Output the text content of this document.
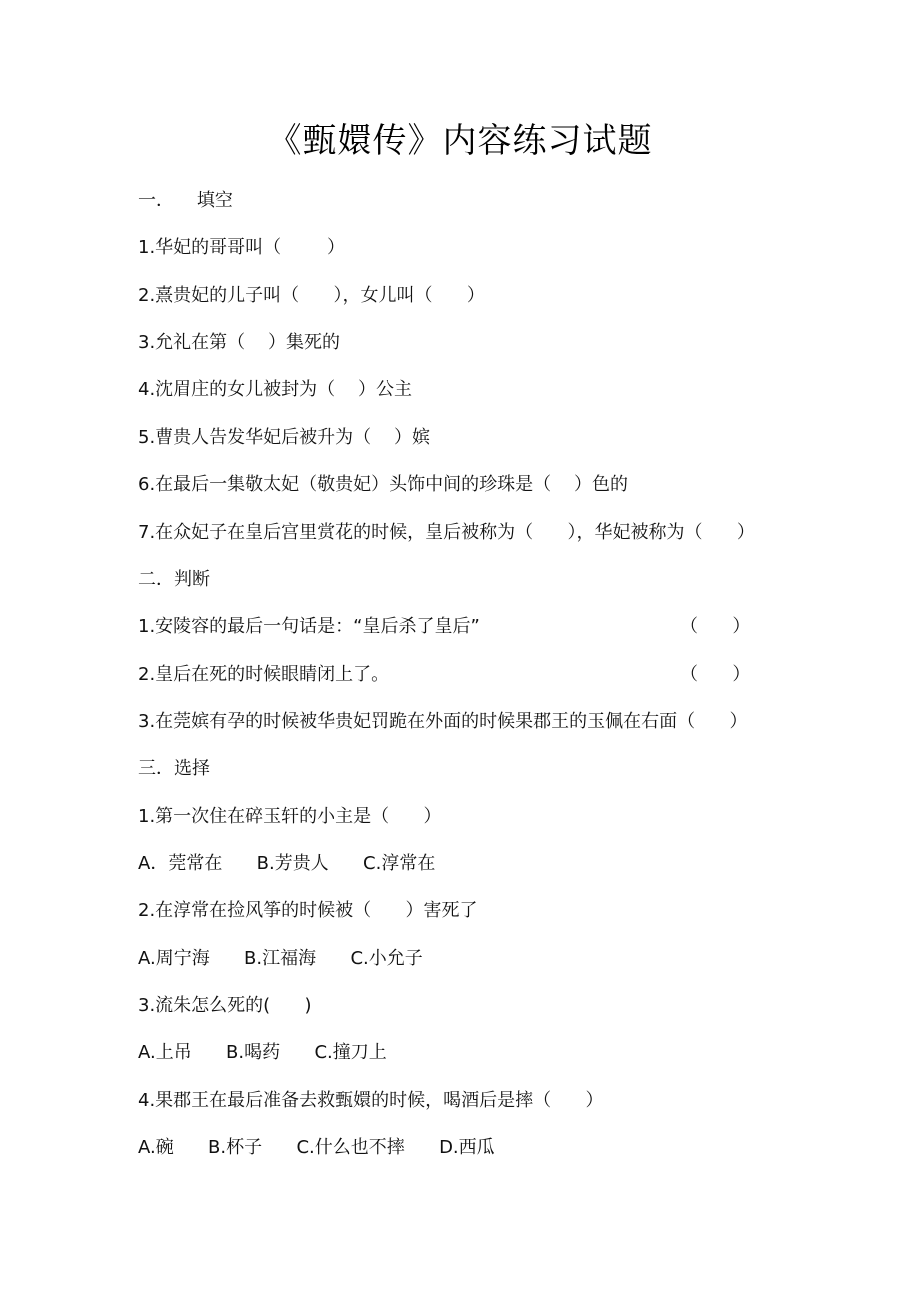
《甄嬛传》内容练习试题
一．    填空
1.华妃的哥哥叫（        ）
2.熹贵妃的儿子叫（      ），女儿叫（      ）
3.允礼在第（    ）集死的
4.沈眉庄的女儿被封为（    ）公主
5.曹贵人告发华妃后被升为（    ）嫔
6.在最后一集敬太妃（敬贵妃）头饰中间的珍珠是（    ）色的
7.在众妃子在皇后宫里赏花的时候，皇后被称为（      ），华妃被称为（      ）
二．判断
1.安陵容的最后一句话是：“皇后杀了皇后”	（      ）
2.皇后在死的时候眼睛闭上了。	（      ）
3.在莞嫔有孕的时候被华贵妃罚跪在外面的时候果郡王的玉佩在右面（      ）
三．选择
1.第一次住在碎玉轩的小主是（      ）
A．莞常在      B.芳贵人      C.淳常在
2.在淳常在捡风筝的时候被（      ）害死了
A.周宁海      B.江福海      C.小允子
3.流朱怎么死的(      )
A.上吊      B.喝药      C.撞刀上
4.果郡王在最后准备去救甄嬛的时候，喝酒后是摔（      ）
A.碗      B.杯子      C.什么也不摔      D.西瓜
